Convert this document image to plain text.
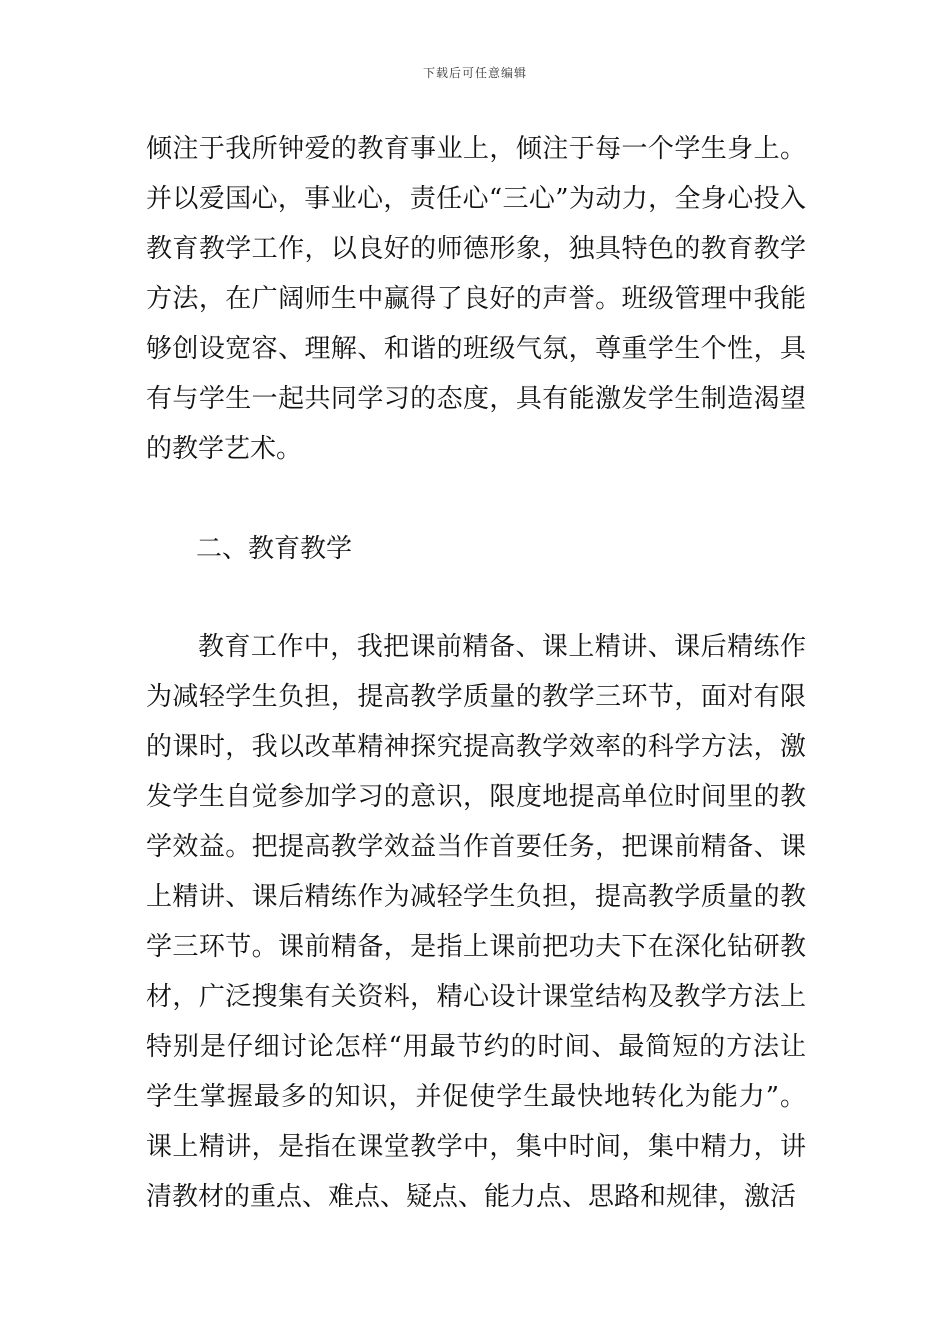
下载后可任意编辑

倾注于我所钟爱的教育事业上，倾注于每一个学生身上。并以爱国心，事业心，责任心“三心”为动力，全身心投入教育教学工作，以良好的师德形象，独具特色的教育教学方法，在广阔师生中赢得了良好的声誉。班级管理中我能够创设宽容、理解、和谐的班级气氛，尊重学生个性，具有与学生一起共同学习的态度，具有能激发学生制造渴望的教学艺术。

二、教育教学

教育工作中，我把课前精备、课上精讲、课后精练作为减轻学生负担，提高教学质量的教学三环节，面对有限的课时，我以改革精神探究提高教学效率的科学方法，激发学生自觉参加学习的意识，限度地提高单位时间里的教学效益。把提高教学效益当作首要任务，把课前精备、课上精讲、课后精练作为减轻学生负担，提高教学质量的教学三环节。课前精备，是指上课前把功夫下在深化钻研教材，广泛搜集有关资料，精心设计课堂结构及教学方法上特别是仔细讨论怎样“用最节约的时间、最简短的方法让学生掌握最多的知识，并促使学生最快地转化为能力”。课上精讲，是指在课堂教学中，集中时间，集中精力，讲清教材的重点、难点、疑点、能力点、思路和规律，激活
